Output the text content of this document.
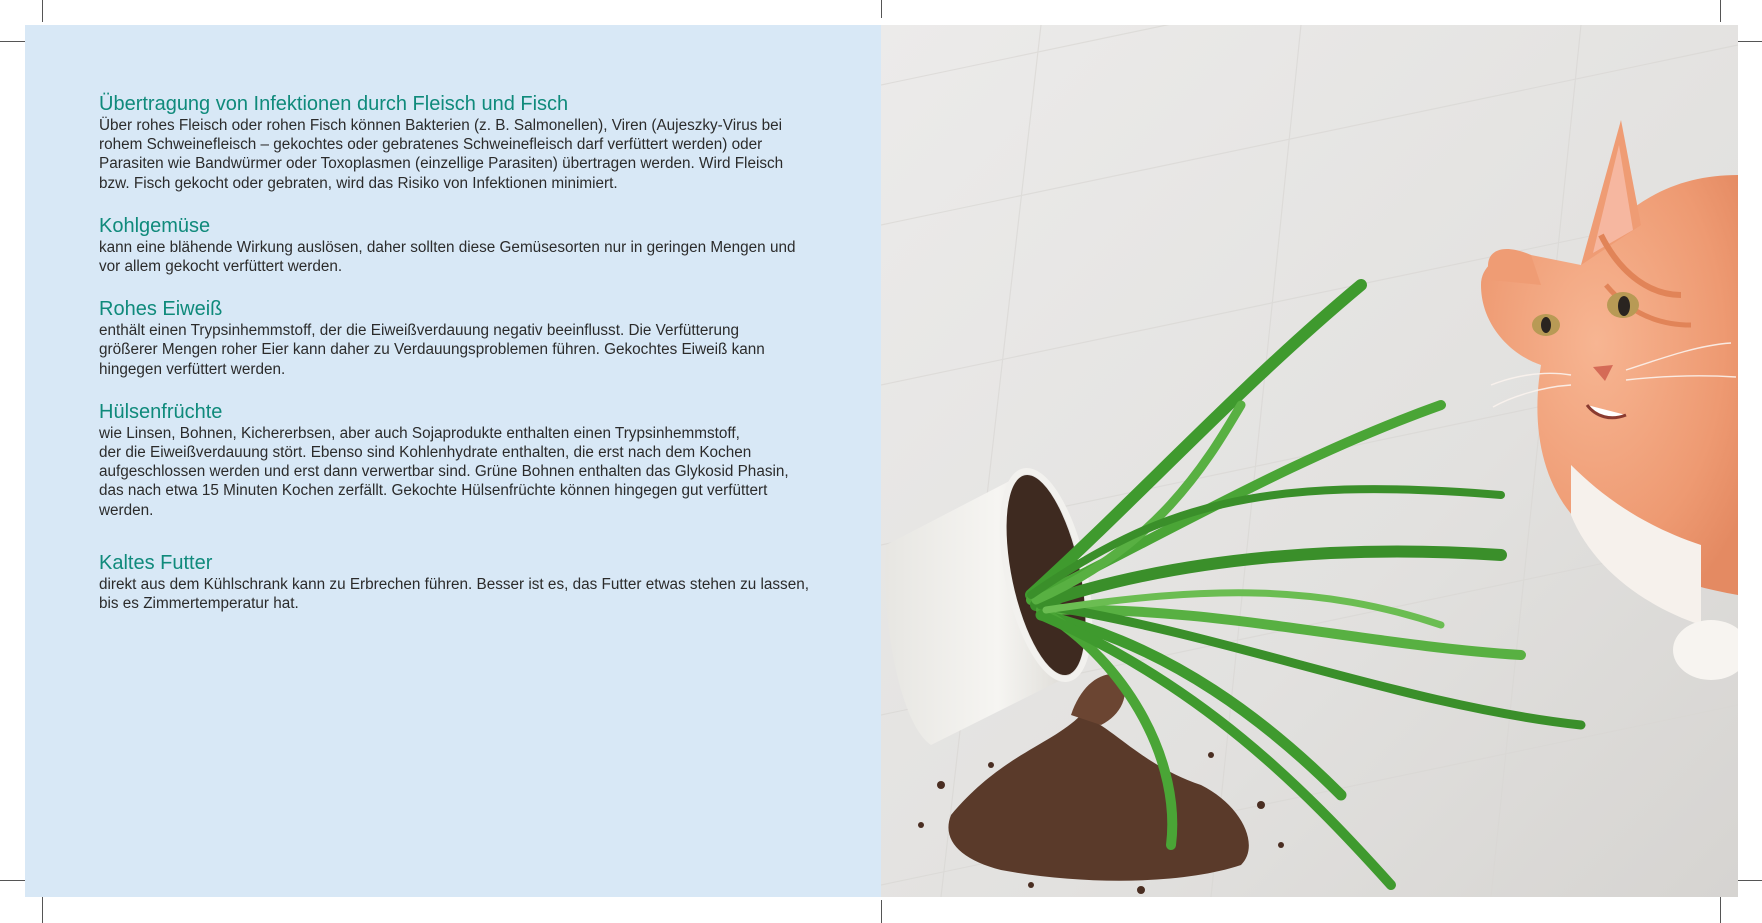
Übertragung von Infektionen durch Fleisch und Fisch

Über rohes Fleisch oder rohen Fisch können Bakterien (z. B. Salmonellen), Viren (Aujeszky-Virus bei
rohem Schweinefleisch – gekochtes oder gebratenes Schweinefleisch darf verfüttert werden) oder
Parasiten wie Bandwürmer oder Toxoplasmen (einzellige Parasiten) übertragen werden. Wird Fleisch
bzw. Fisch gekocht oder gebraten, wird das Risiko von Infektionen minimiert.

Kohlgemüse

kann eine blähende Wirkung auslösen, daher sollten diese Gemüsesorten nur in geringen Mengen und
vor allem gekocht verfüttert werden.

Rohes Eiweiß

enthält einen Trypsinhemmstoff, der die Eiweißverdauung negativ beeinflusst. Die Verfütterung
größerer Mengen roher Eier kann daher zu Verdauungsproblemen führen. Gekochtes Eiweiß kann
hingegen verfüttert werden.

Hülsenfrüchte

wie Linsen, Bohnen, Kichererbsen, aber auch Sojaprodukte enthalten einen Trypsinhemmstoff,
der die Eiweißverdauung stört. Ebenso sind Kohlenhydrate enthalten, die erst nach dem Kochen
aufgeschlossen werden und erst dann verwertbar sind. Grüne Bohnen enthalten das Glykosid Phasin,
das nach etwa 15 Minuten Kochen zerfällt. Gekochte Hülsenfrüchte können hingegen gut verfüttert
werden.

Kaltes Futter

direkt aus dem Kühlschrank kann zu Erbrechen führen. Besser ist es, das Futter etwas stehen zu lassen,
bis es Zimmertemperatur hat.
